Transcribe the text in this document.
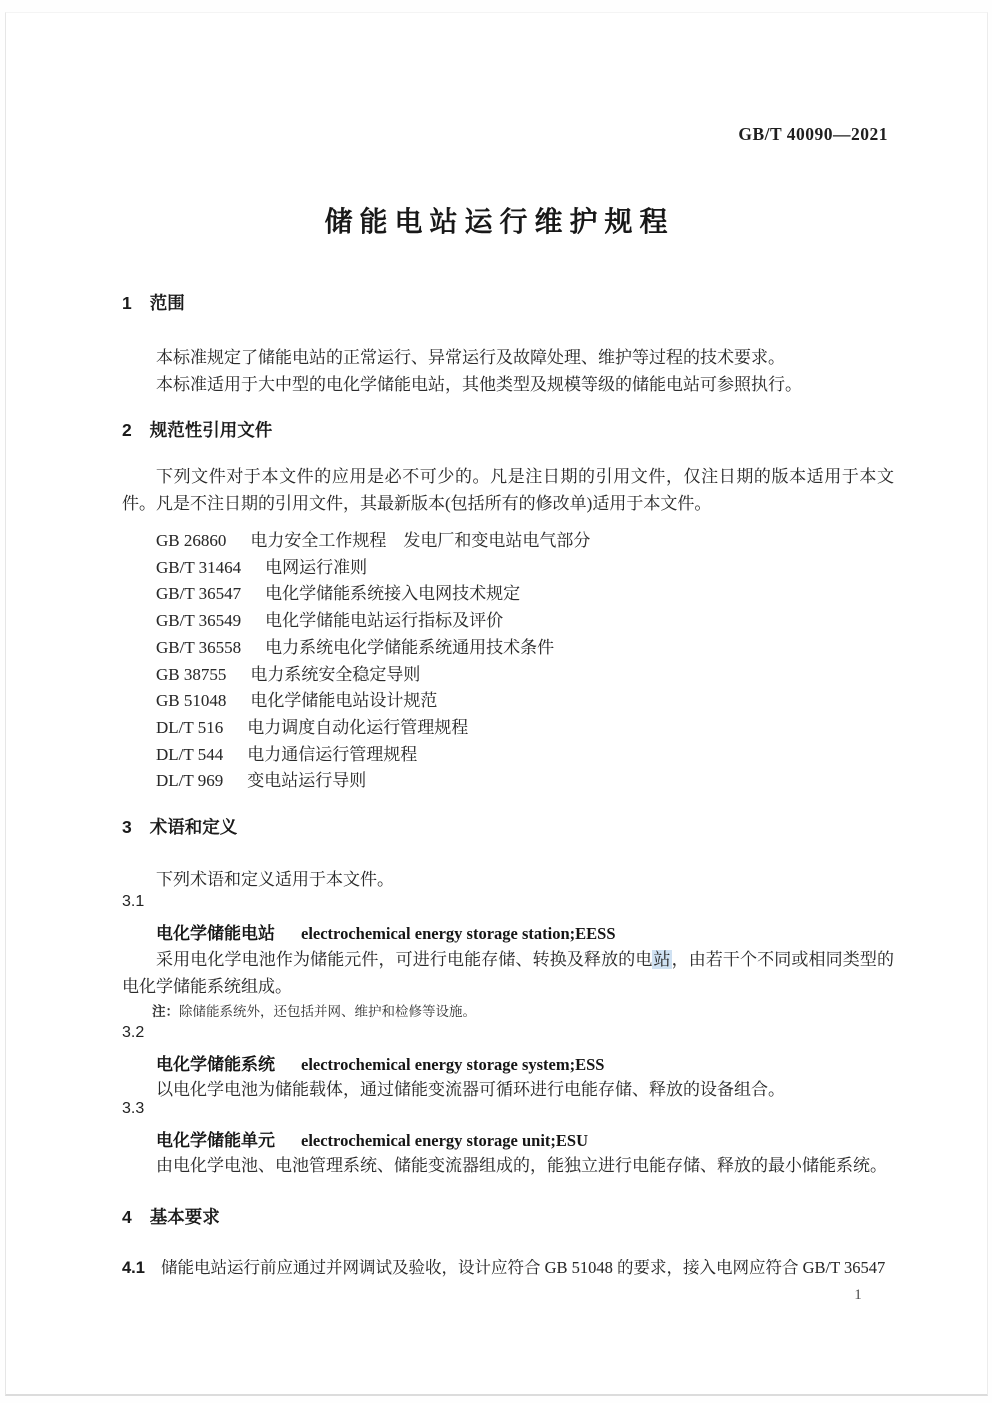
GB/T 40090—2021
储能电站运行维护规程
1 范围
本标准规定了储能电站的正常运行、异常运行及故障处理、维护等过程的技术要求。
本标准适用于大中型的电化学储能电站，其他类型及规模等级的储能电站可参照执行。
2 规范性引用文件
下列文件对于本文件的应用是必不可少的。凡是注日期的引用文件，仅注日期的版本适用于本文件。凡是不注日期的引用文件，其最新版本(包括所有的修改单)适用于本文件。
GB 26860 电力安全工作规程　发电厂和变电站电气部分
GB/T 31464 电网运行准则
GB/T 36547 电化学储能系统接入电网技术规定
GB/T 36549 电化学储能电站运行指标及评价
GB/T 36558 电力系统电化学储能系统通用技术条件
GB 38755 电力系统安全稳定导则
GB 51048 电化学储能电站设计规范
DL/T 516 电力调度自动化运行管理规程
DL/T 544 电力通信运行管理规程
DL/T 969 变电站运行导则
3 术语和定义
下列术语和定义适用于本文件。
3.1
电化学储能电站 electrochemical energy storage station;EESS
采用电化学电池作为储能元件，可进行电能存储、转换及释放的电站，由若干个不同或相同类型的电化学储能系统组成。
注：除储能系统外，还包括并网、维护和检修等设施。
3.2
电化学储能系统 electrochemical energy storage system;ESS
以电化学电池为储能载体，通过储能变流器可循环进行电能存储、释放的设备组合。
3.3
电化学储能单元 electrochemical energy storage unit;ESU
由电化学电池、电池管理系统、储能变流器组成的，能独立进行电能存储、释放的最小储能系统。
4 基本要求
4.1 储能电站运行前应通过并网调试及验收，设计应符合 GB 51048 的要求，接入电网应符合 GB/T 36547
1
